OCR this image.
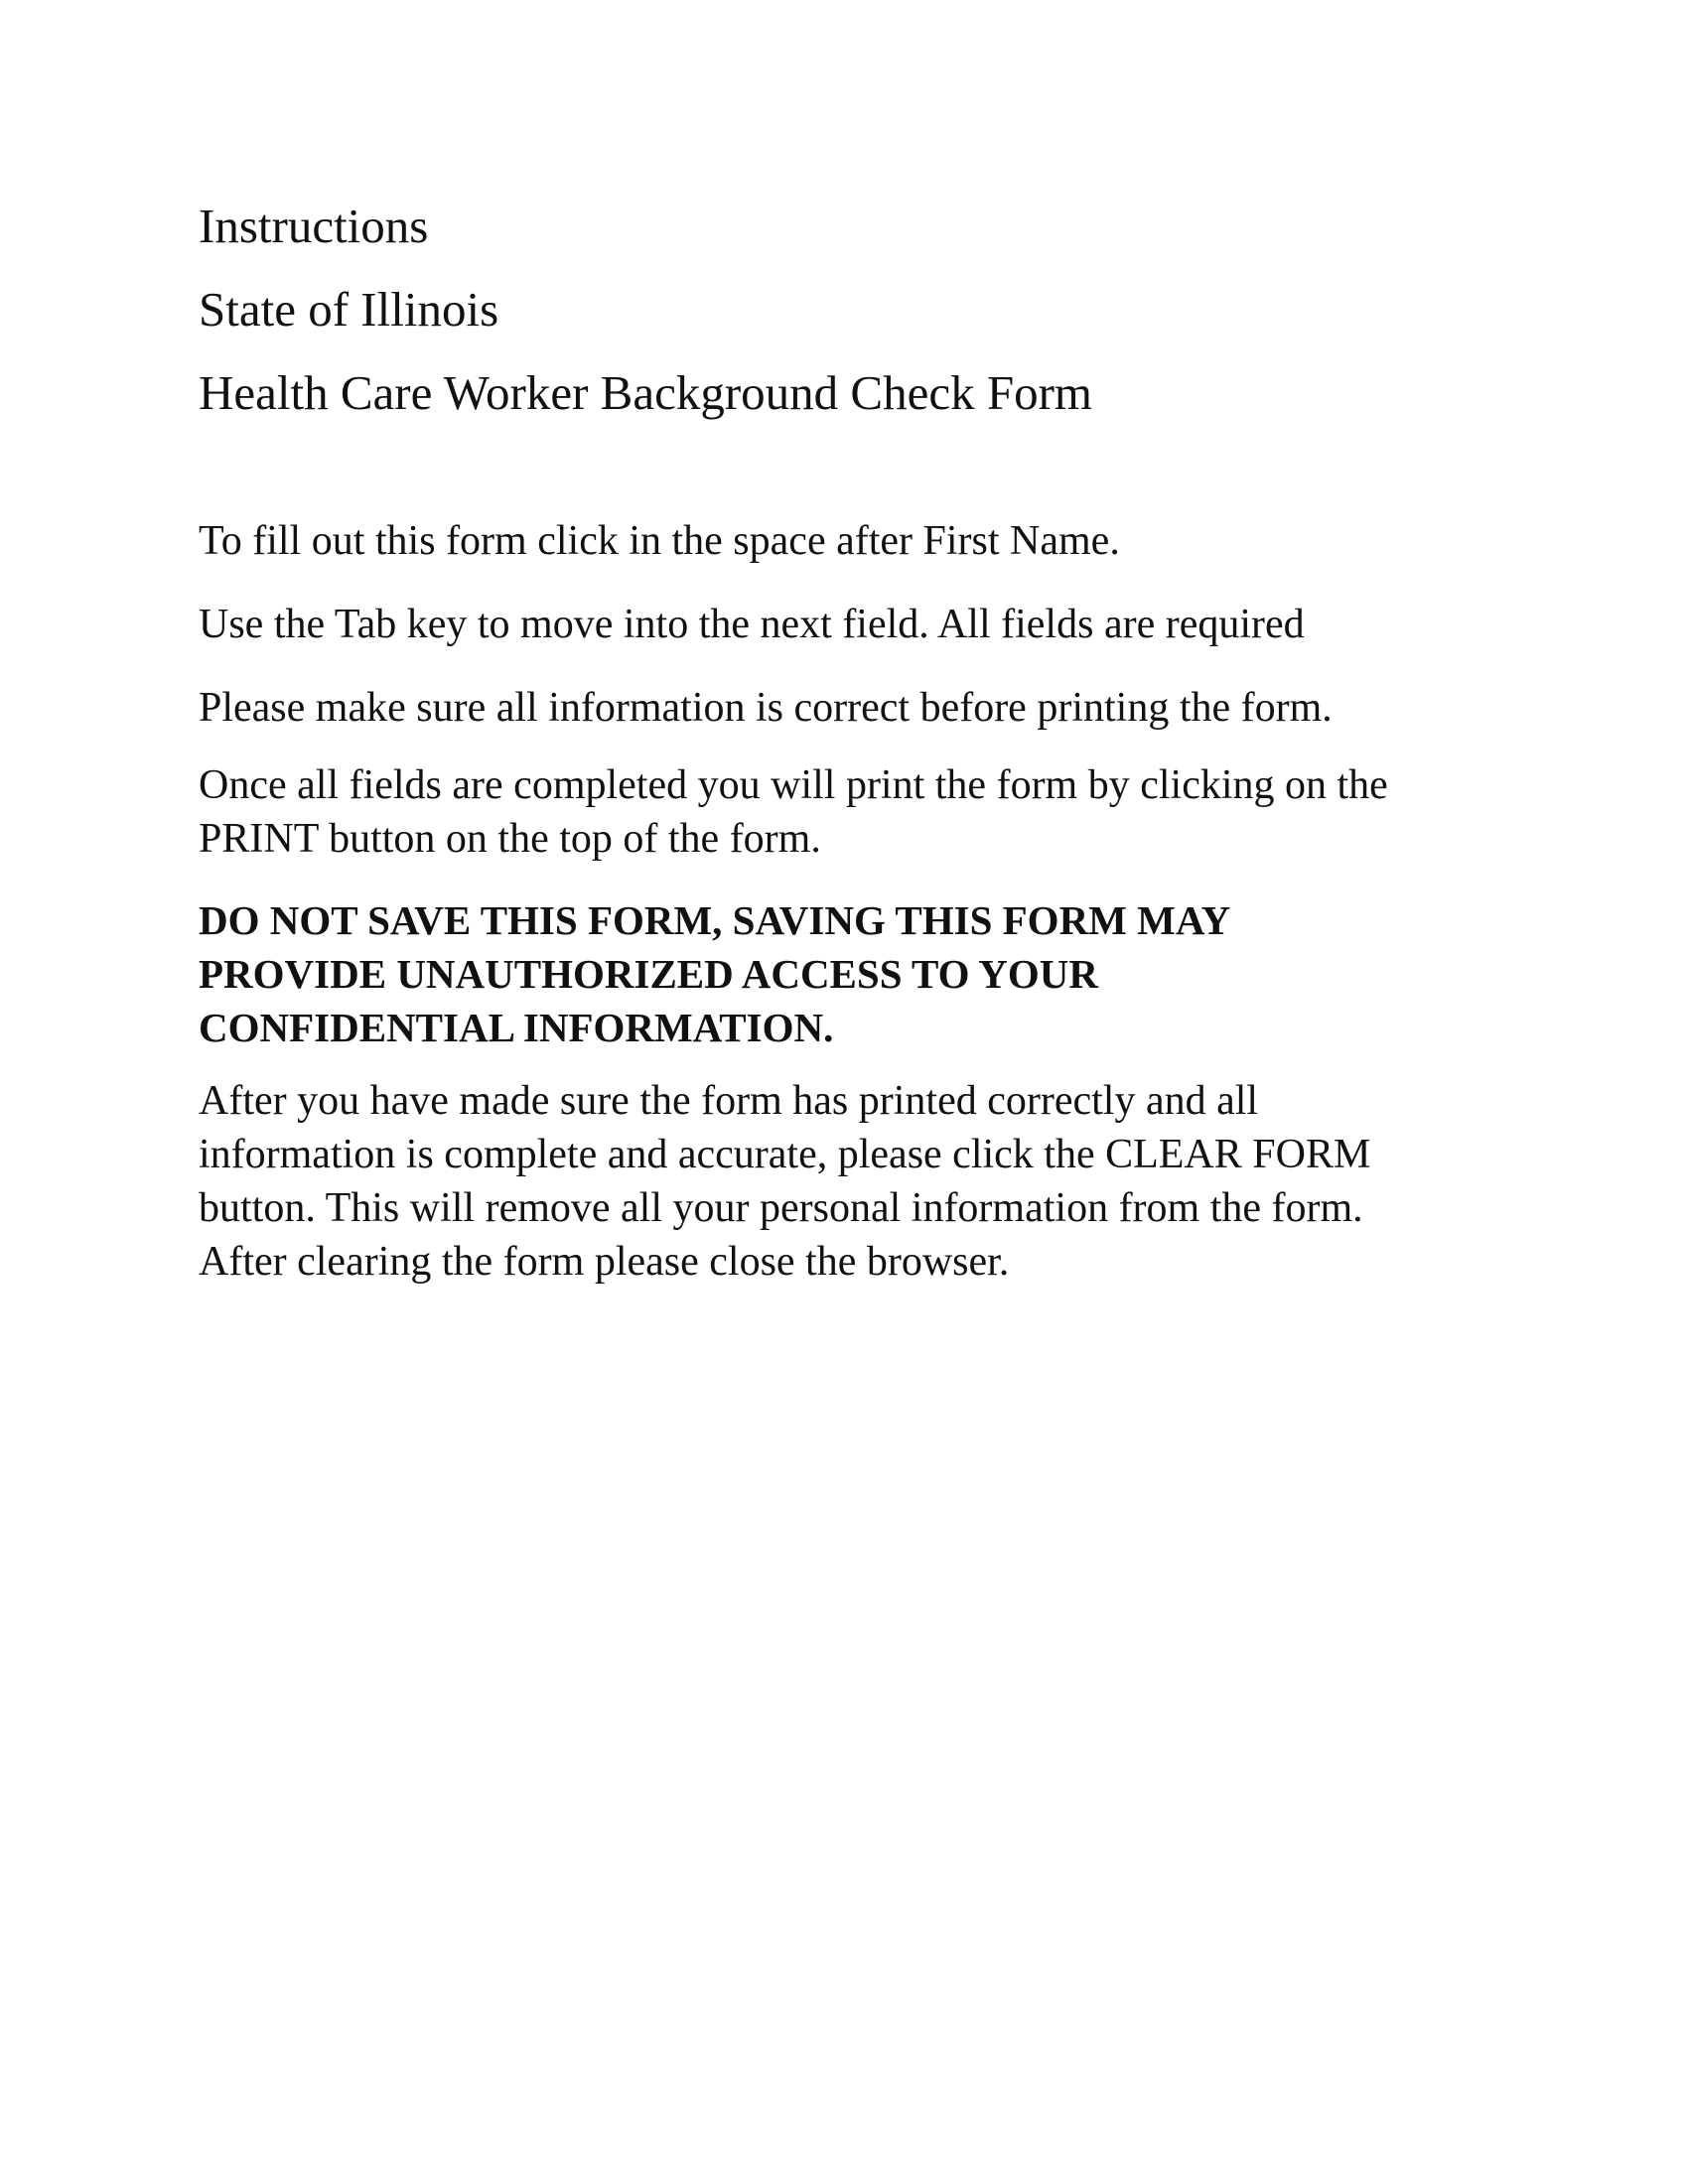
Instructions
State of Illinois
Health Care Worker Background Check Form

To fill out this form click in the space after First Name.

Use the Tab key to move into the next field. All fields are required

Please make sure all information is correct before printing the form.

Once all fields are completed you will print the form by clicking on the
PRINT button on the top of the form.
DO NOT SAVE THIS FORM, SAVING THIS FORM MAY
PROVIDE UNAUTHORIZED ACCESS TO YOUR
CONFIDENTIAL INFORMATION.
After you have made sure the form has printed correctly and all
information is complete and accurate, please click the CLEAR FORM
button. This will remove all your personal information from the form.
After clearing the form please close the browser.
